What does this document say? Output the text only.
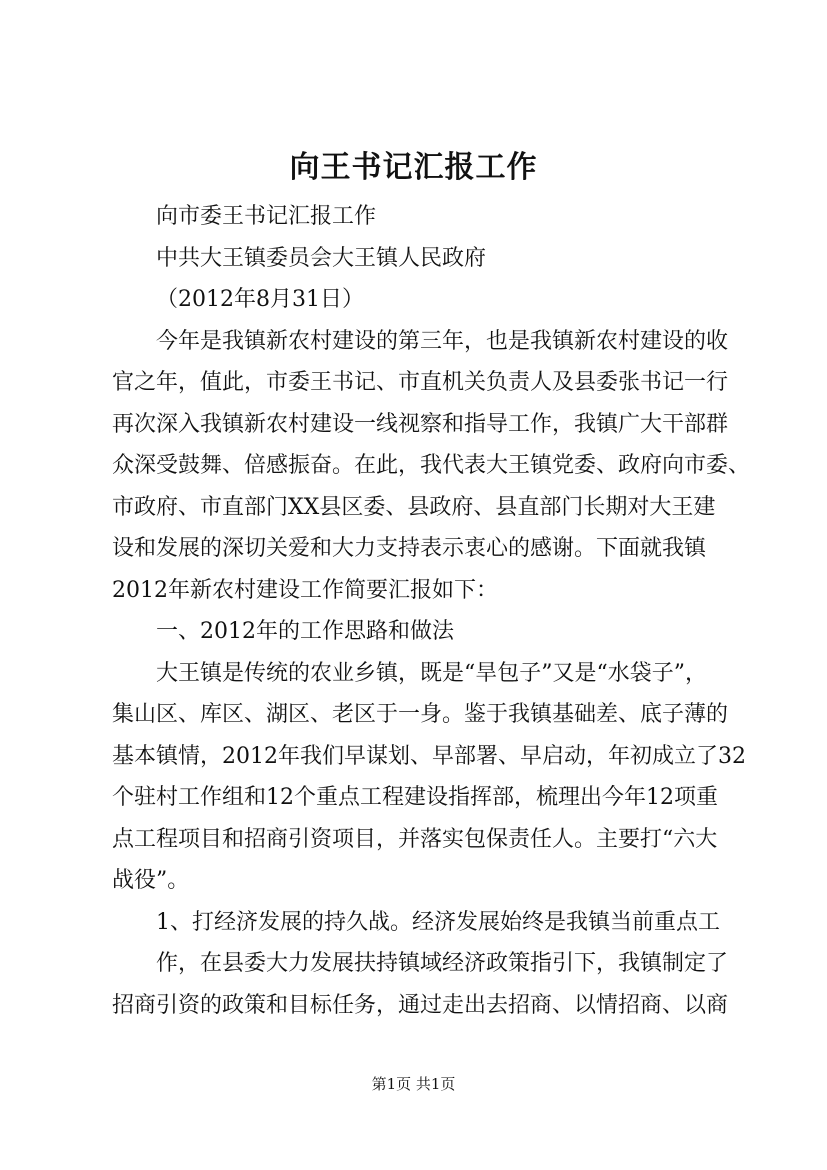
向王书记汇报工作

向市委王书记汇报工作

中共大王镇委员会大王镇人民政府

（2012年8月31日）

今年是我镇新农村建设的第三年，也是我镇新农村建设的收

官之年，值此，市委王书记、市直机关负责人及县委张书记一行

再次深入我镇新农村建设一线视察和指导工作，我镇广大干部群

众深受鼓舞、倍感振奋。在此，我代表大王镇党委、政府向市委、

市政府、市直部门XX县区委、县政府、县直部门长期对大王建

设和发展的深切关爱和大力支持表示衷心的感谢。下面就我镇

2012年新农村建设工作简要汇报如下：

一、2012年的工作思路和做法

大王镇是传统的农业乡镇，既是“旱包子”又是“水袋子”，

集山区、库区、湖区、老区于一身。鉴于我镇基础差、底子薄的

基本镇情，2012年我们早谋划、早部署、早启动，年初成立了32

个驻村工作组和12个重点工程建设指挥部，梳理出今年12项重

点工程项目和招商引资项目，并落实包保责任人。主要打“六大

战役”。

1、打经济发展的持久战。经济发展始终是我镇当前重点工

作，在县委大力发展扶持镇域经济政策指引下，我镇制定了

招商引资的政策和目标任务，通过走出去招商、以情招商、以商

第1页 共1页
